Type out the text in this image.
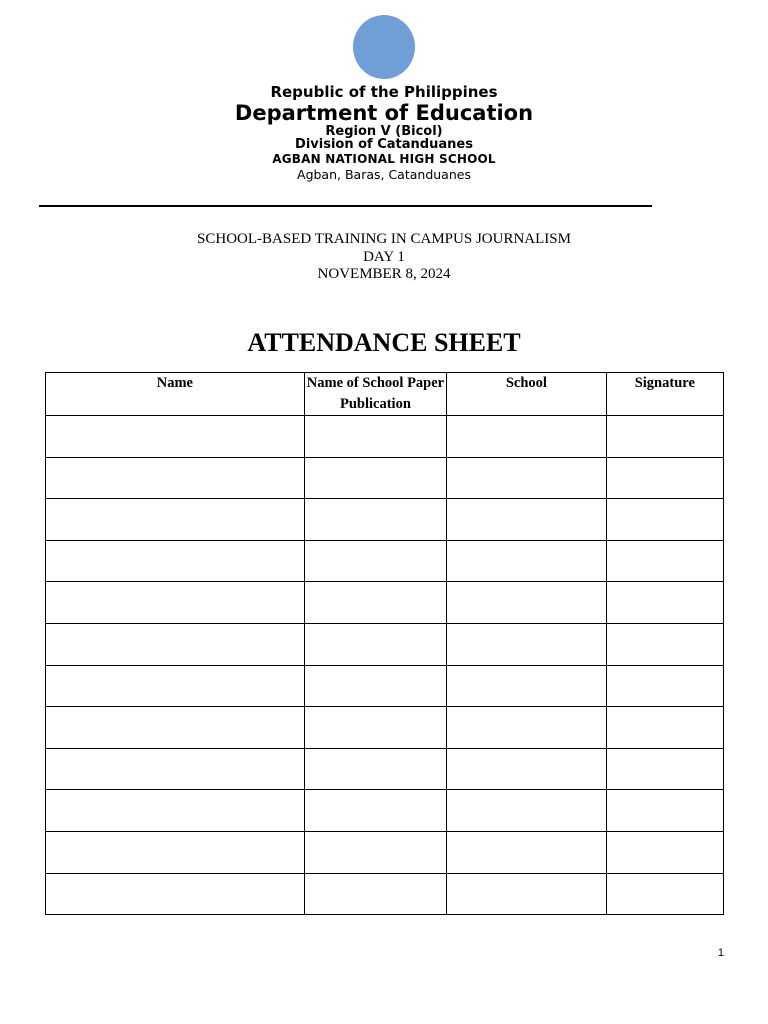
Republic of the Philippines
Department of Education
Region V (Bicol)
Division of Catanduanes
AGBAN NATIONAL HIGH SCHOOL
Agban, Baras, Catanduanes
SCHOOL-BASED TRAINING IN CAMPUS JOURNALISM
DAY 1
NOVEMBER 8, 2024
ATTENDANCE SHEET
Name	Name of School Paper Publication	School	Signature

1
